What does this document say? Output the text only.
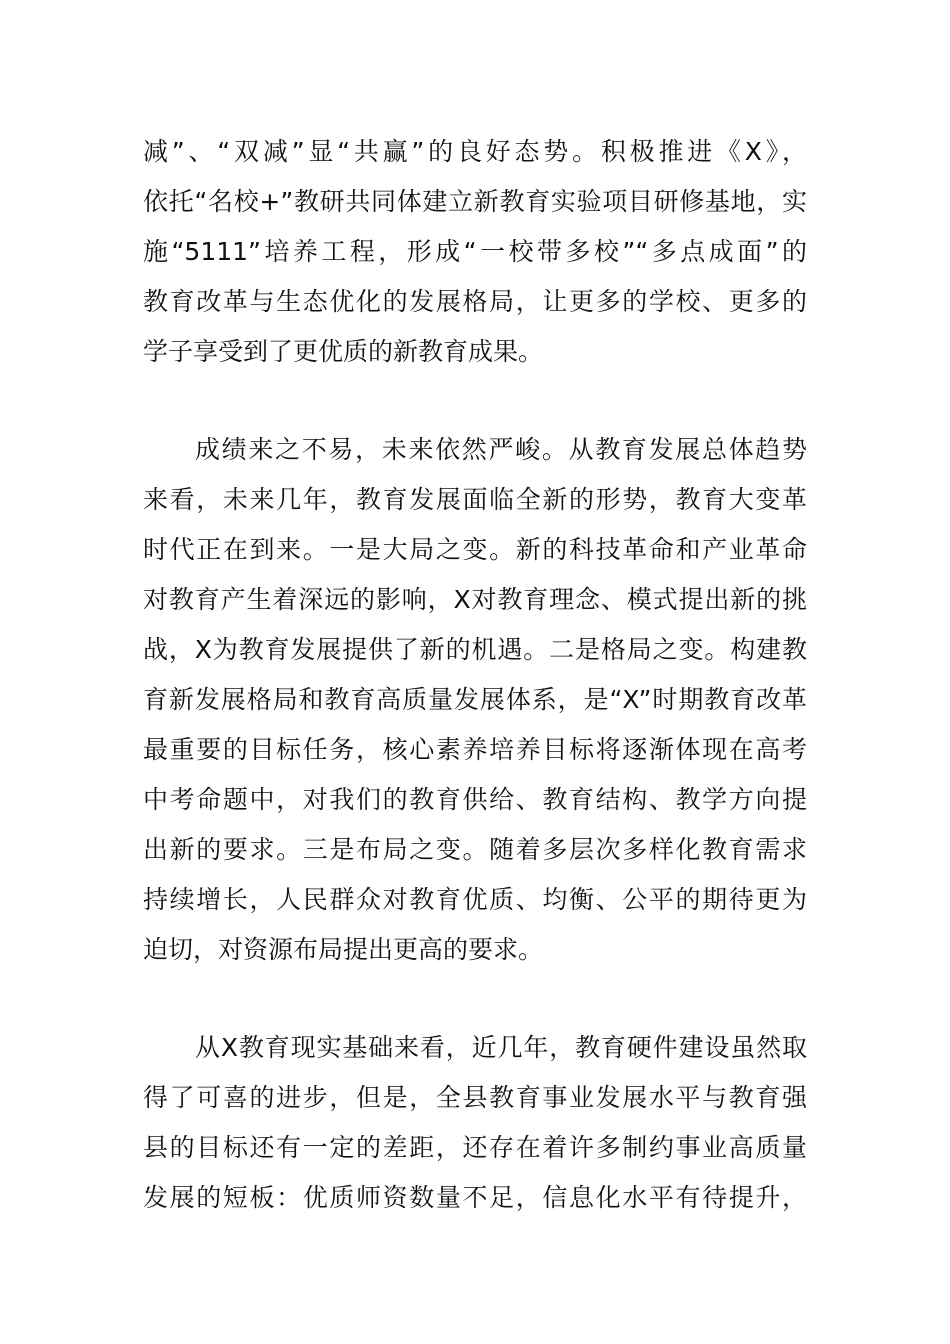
减”、“双减”显“共赢”的良好态势。积极推进《X》，
依托“名校+”教研共同体建立新教育实验项目研修基地，实
施“5111”培养工程，形成“一校带多校”“多点成面”的
教育改革与生态优化的发展格局，让更多的学校、更多的
学子享受到了更优质的新教育成果。
成绩来之不易，未来依然严峻。从教育发展总体趋势
来看，未来几年，教育发展面临全新的形势，教育大变革
时代正在到来。一是大局之变。新的科技革命和产业革命
对教育产生着深远的影响，X对教育理念、模式提出新的挑
战，X为教育发展提供了新的机遇。二是格局之变。构建教
育新发展格局和教育高质量发展体系，是“X”时期教育改革
最重要的目标任务，核心素养培养目标将逐渐体现在高考
中考命题中，对我们的教育供给、教育结构、教学方向提
出新的要求。三是布局之变。随着多层次多样化教育需求
持续增长，人民群众对教育优质、均衡、公平的期待更为
迫切，对资源布局提出更高的要求。
从X教育现实基础来看，近几年，教育硬件建设虽然取
得了可喜的进步，但是，全县教育事业发展水平与教育强
县的目标还有一定的差距，还存在着许多制约事业高质量
发展的短板：优质师资数量不足，信息化水平有待提升，
